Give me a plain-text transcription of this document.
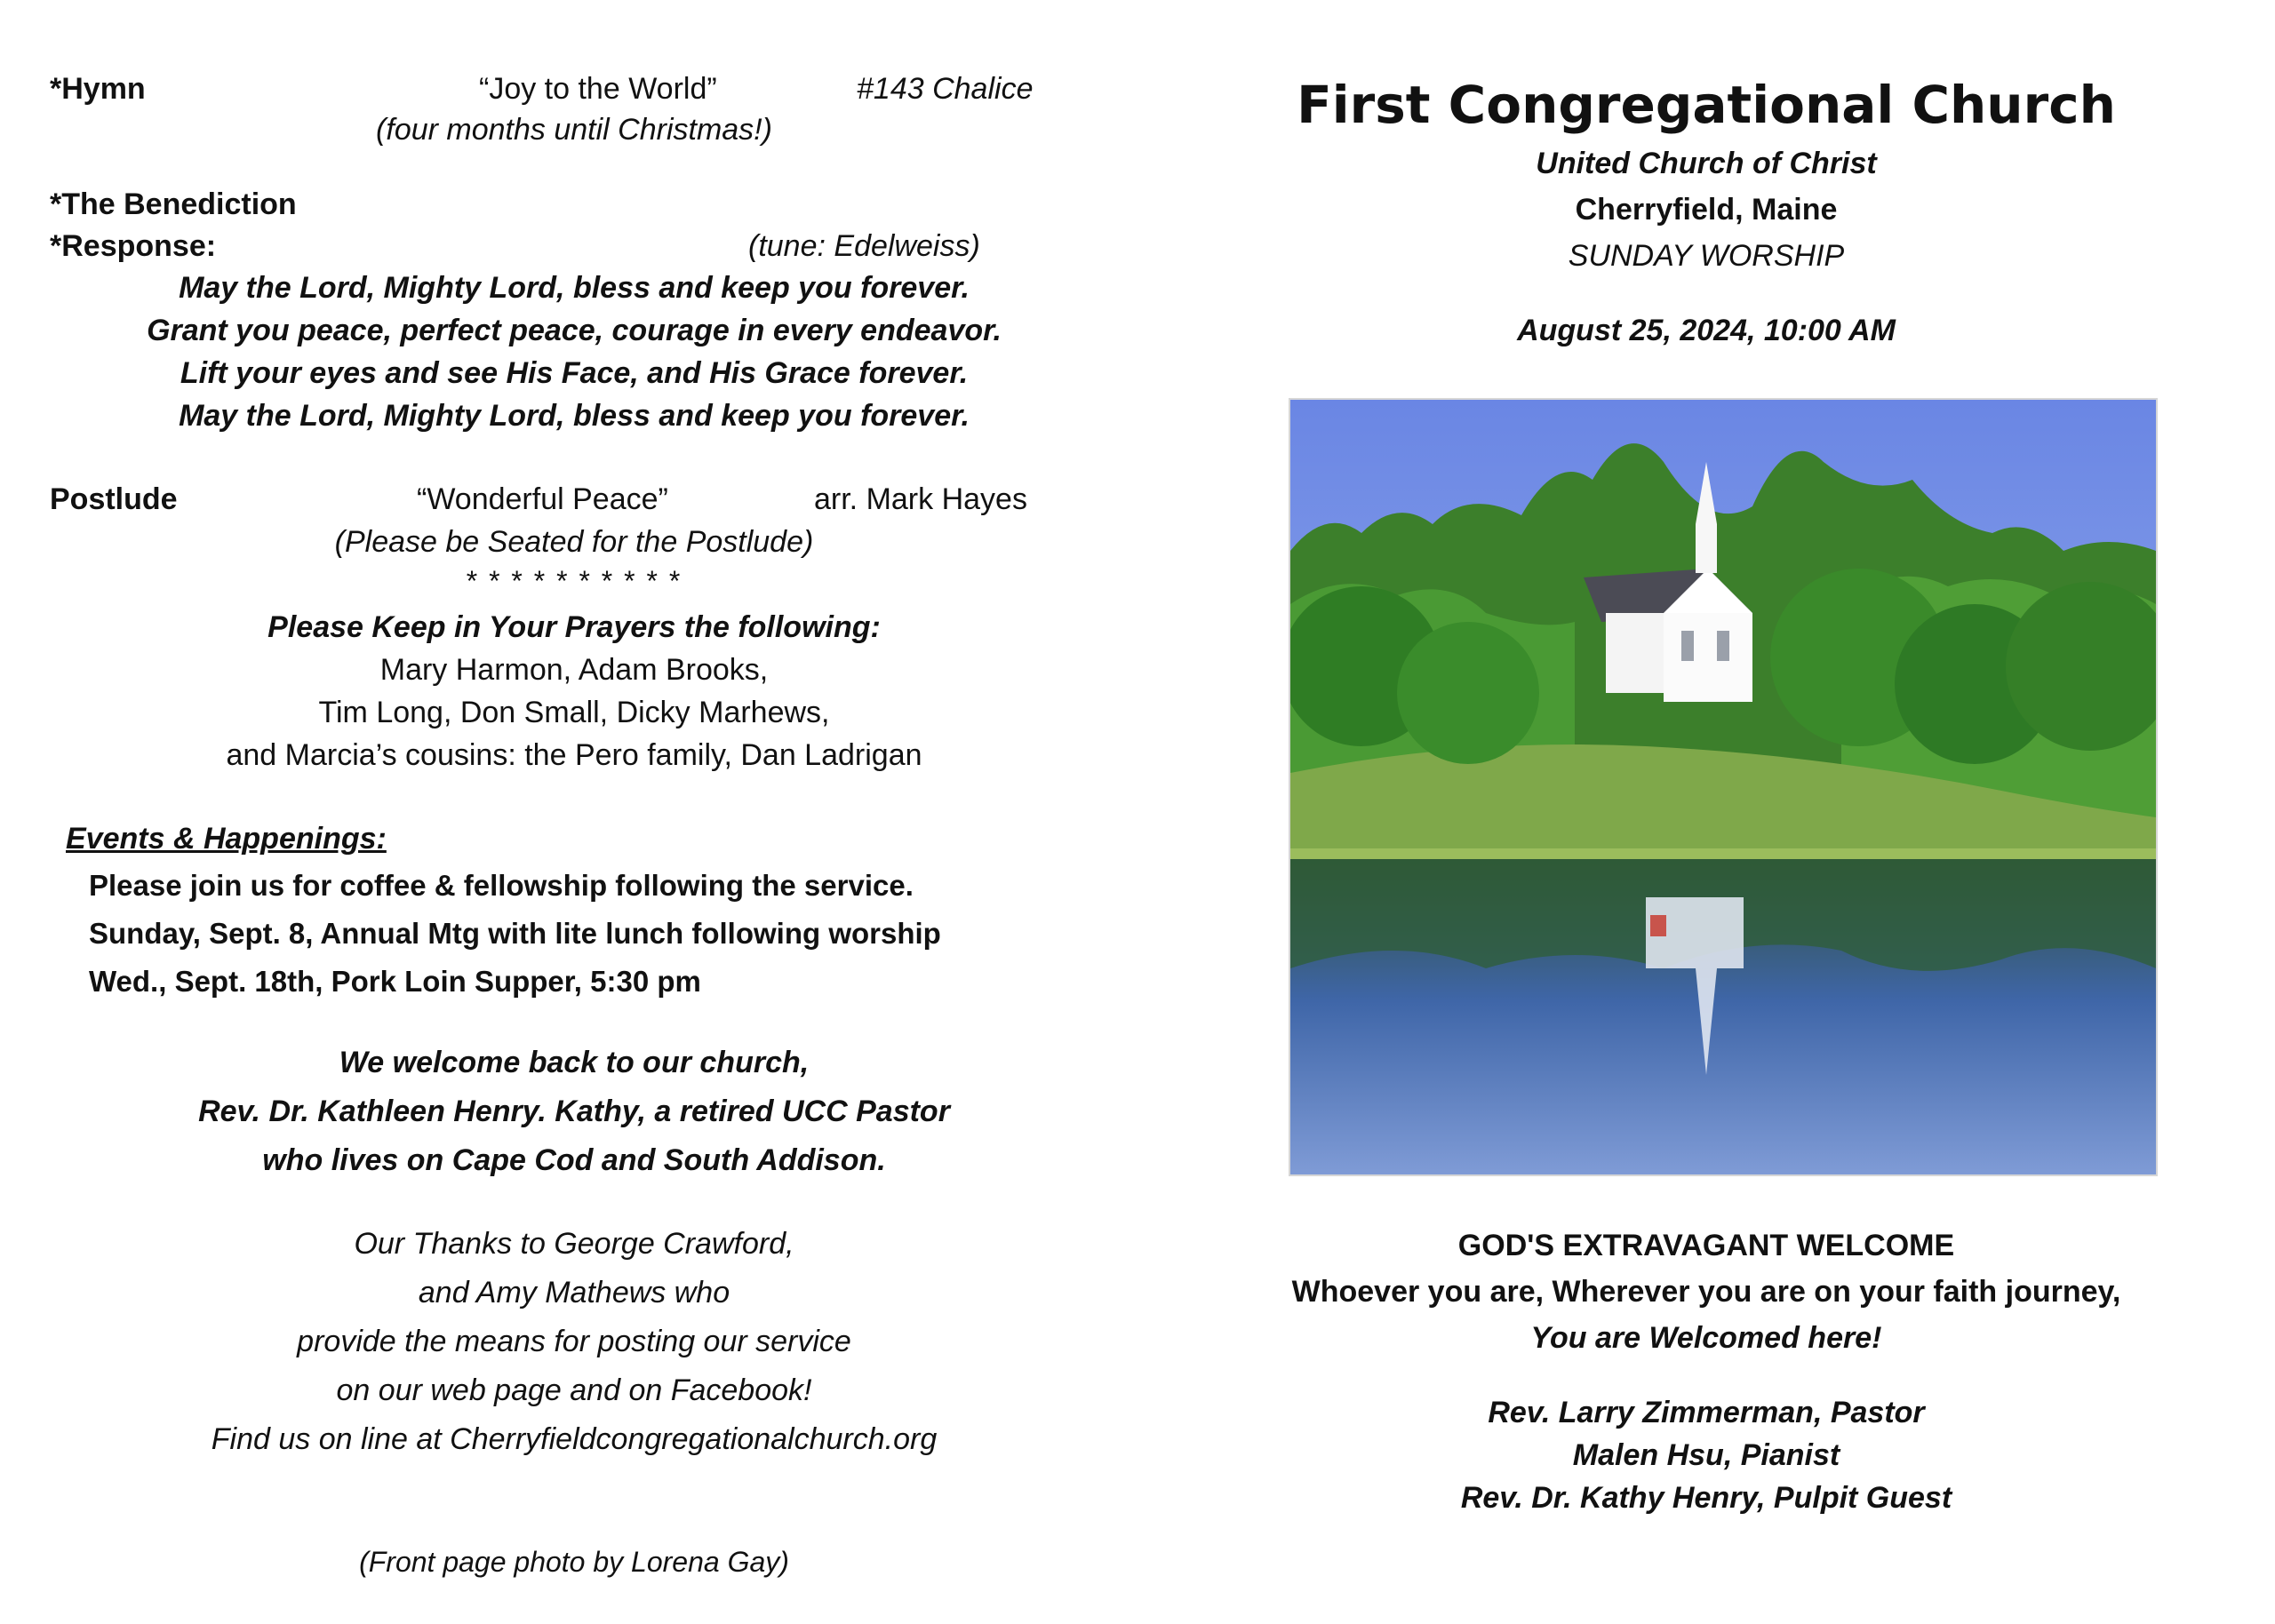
*Hymn	“Joy to the World”	#143 Chalice
(four months until Christmas!)
*The Benediction
*Response:	(tune: Edelweiss)
May the Lord, Mighty Lord, bless and keep you forever.
Grant you peace, perfect peace, courage in every endeavor.
Lift your eyes and see His Face, and His Grace forever.
May the Lord, Mighty Lord, bless and keep you forever.
Postlude	“Wonderful Peace”	arr. Mark Hayes
(Please be Seated for the Postlude)
* * * * * * * * * *
Please Keep in Your Prayers the following:
Mary Harmon, Adam Brooks,
Tim Long, Don Small, Dicky Marhews,
and Marcia’s cousins: the Pero family, Dan Ladrigan
Events & Happenings:
Please join us for coffee & fellowship following the service.
Sunday, Sept. 8, Annual Mtg with lite lunch following worship
Wed., Sept. 18th, Pork Loin Supper, 5:30 pm
We welcome back to our church,
Rev. Dr. Kathleen Henry. Kathy, a retired UCC Pastor
who lives on Cape Cod and South Addison.
Our Thanks to George Crawford,
and Amy Mathews who
provide the means for posting our service
on our web page and on Facebook!
Find us on line at Cherryfieldcongregationalchurch.org
(Front page photo by Lorena Gay)
First Congregational Church
United Church of Christ
Cherryfield, Maine
SUNDAY WORSHIP
August 25, 2024, 10:00 AM
GOD'S EXTRAVAGANT WELCOME
Whoever you are, Wherever you are on your faith journey,
You are Welcomed here!
Rev. Larry Zimmerman, Pastor
Malen Hsu, Pianist
Rev. Dr. Kathy Henry, Pulpit Guest
